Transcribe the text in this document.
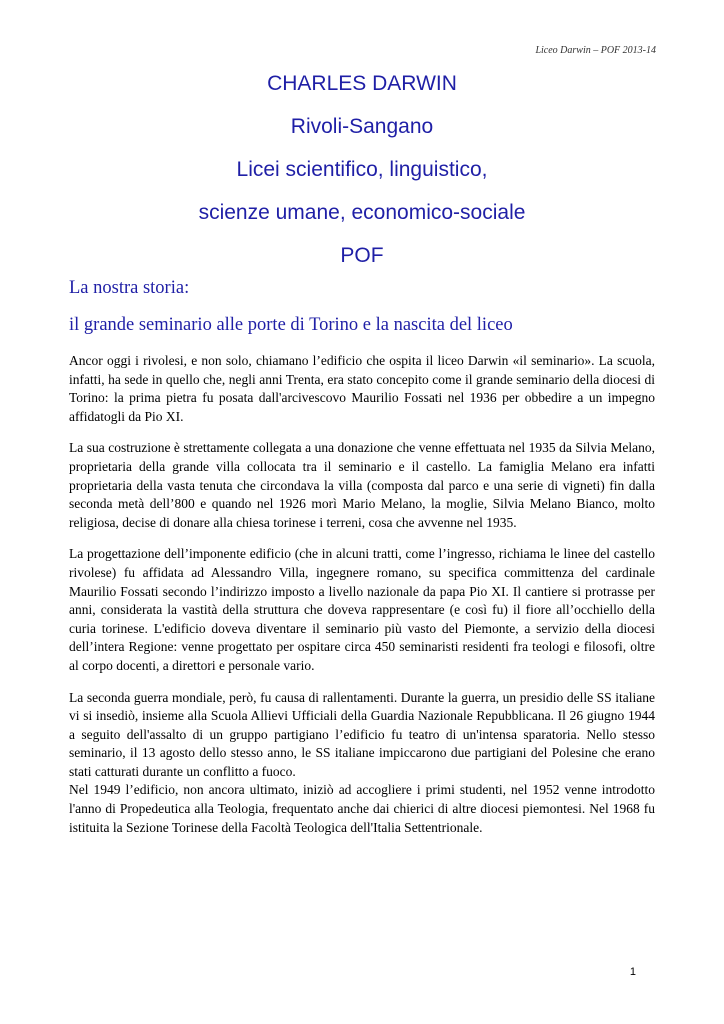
Liceo Darwin – POF 2013-14
CHARLES DARWIN
Rivoli-Sangano
Licei scientifico, linguistico,
scienze umane, economico-sociale
POF
La nostra storia:
il grande seminario alle porte di Torino e la nascita del liceo

Ancor oggi i rivolesi, e non solo, chiamano l’edificio che ospita il liceo Darwin «il seminario». La scuola, infatti, ha sede in quello che, negli anni Trenta, era stato concepito come il grande seminario della diocesi di Torino: la prima pietra fu posata dall'arcivescovo Maurilio Fossati nel 1936 per obbedire a un impegno affidatogli da Pio XI.

La sua costruzione è strettamente collegata a una donazione che venne effettuata nel 1935 da Silvia Melano, proprietaria della grande villa collocata tra il seminario e il castello. La famiglia Melano era infatti proprietaria della vasta tenuta che circondava la villa (composta dal parco e una serie di vigneti) fin dalla seconda metà dell’800 e quando nel 1926 morì Mario Melano, la moglie, Silvia Melano Bianco, molto religiosa, decise di donare alla chiesa torinese i terreni, cosa che avvenne nel 1935.

La progettazione dell’imponente edificio (che in alcuni tratti, come l’ingresso, richiama le linee del castello rivolese) fu affidata ad Alessandro Villa, ingegnere romano, su specifica committenza del cardinale Maurilio Fossati secondo l’indirizzo imposto a livello nazionale da papa Pio XI. Il cantiere si protrasse per anni, considerata la vastità della struttura che doveva rappresentare (e così fu) il fiore all’occhiello della curia torinese. L'edificio doveva diventare il seminario più vasto del Piemonte, a servizio della diocesi dell’intera Regione: venne progettato per ospitare circa 450 seminaristi residenti fra teologi e filosofi, oltre al corpo docenti, a direttori e personale vario.

La seconda guerra mondiale, però, fu causa di rallentamenti. Durante la guerra, un presidio delle SS italiane vi si insediò, insieme alla Scuola Allievi Ufficiali della Guardia Nazionale Repubblicana. Il 26 giugno 1944 a seguito dell'assalto di un gruppo partigiano l’edificio fu teatro di un'intensa sparatoria. Nello stesso seminario, il 13 agosto dello stesso anno, le SS italiane impiccarono due partigiani del Polesine che erano stati catturati durante un conflitto a fuoco.

Nel 1949 l’edificio, non ancora ultimato, iniziò ad accogliere i primi studenti, nel 1952 venne introdotto l'anno di Propedeutica alla Teologia, frequentato anche dai chierici di altre diocesi piemontesi. Nel 1968 fu istituita la Sezione Torinese della Facoltà Teologica dell'Italia Settentrionale.

1
